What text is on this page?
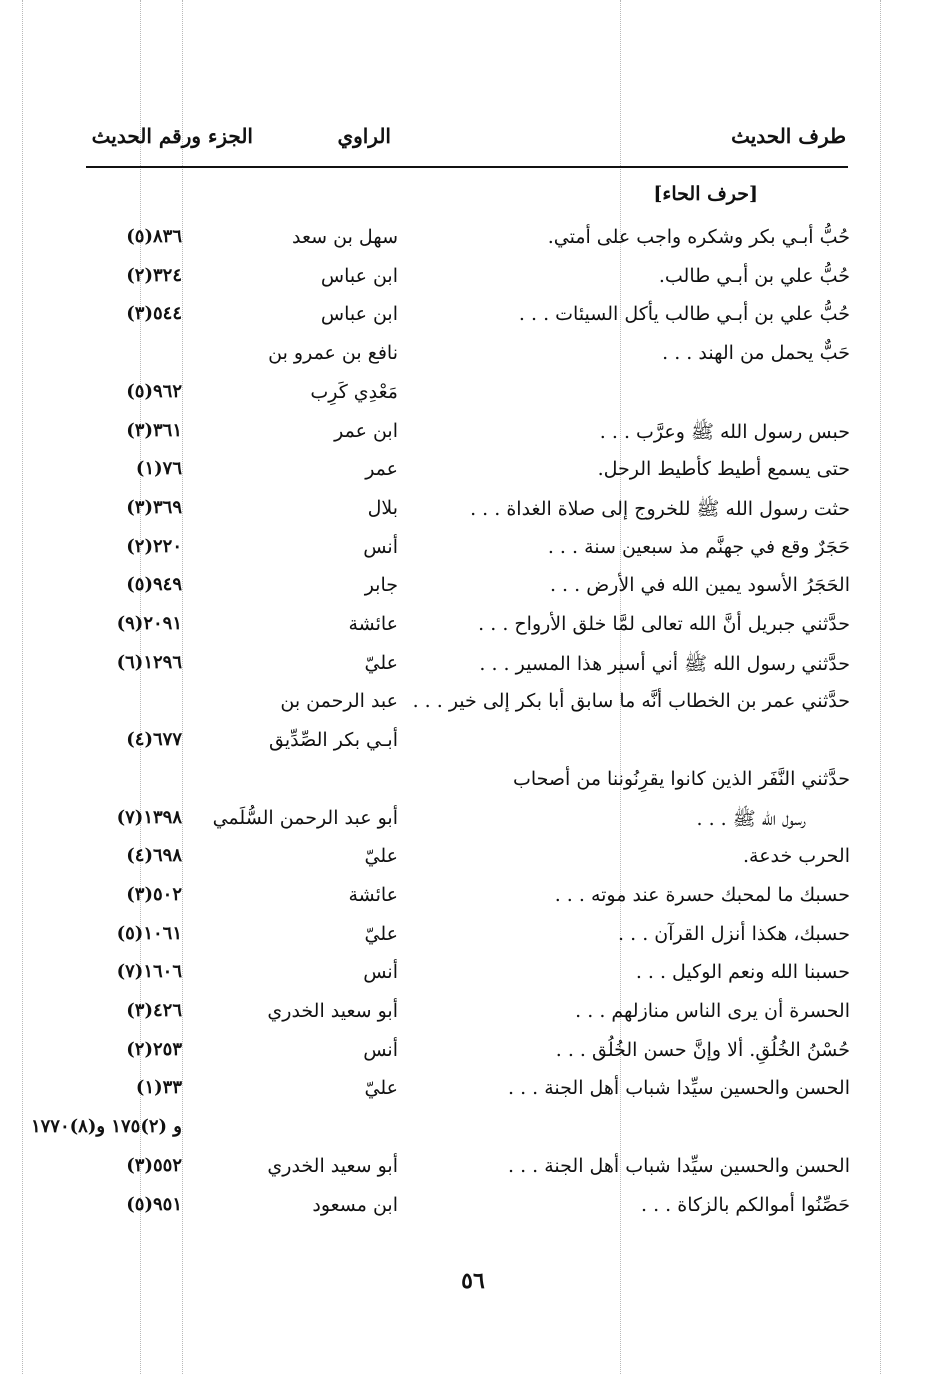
طرف الحديث
الراوي
الجزء ورقم الحديث
[حرف الحاء]
حُبُّ أبـي بكر وشكره واجب على أمتي.
سهل بن سعد
٨٣٦(٥)
حُبُّ علي بن أبـي طالب.
ابن عباس
٣٢٤(٢)
حُبُّ علي بن أبـي طالب يأكل السيئات . . .
ابن عباس
٥٤٤(٣)
حَبٌّ يحمل من الهند . . .
نافع بن عمرو بن
مَعْدِي كَرِب
٩٦٢(٥)
حبس رسول الله ﷺ وعرَّب . . .
ابن عمر
٣٦١(٣)
حتى يسمع أطيط كأطيط الرحل.
عمر
٧٦(١)
حثت رسول الله ﷺ للخروج إلى صلاة الغداة . . .
بلال
٣٦٩(٣)
حَجَرٌ وقع في جهنَّم مذ سبعين سنة . . .
أنس
٢٢٠(٢)
الحَجَرُ الأسود يمين الله في الأرض . . .
جابر
٩٤٩(٥)
حدَّثني جبريل أنَّ الله تعالى لمَّا خلق الأرواح . . .
عائشة
٢٠٩١(٩)
حدَّثني رسول الله ﷺ أني أسير هذا المسير . . .
عليّ
١٢٩٦(٦)
حدَّثني عمر بن الخطاب أنَّه ما سابق أبا بكر إلى خير . . .
عبد الرحمن بن
أبـي بكر الصِّدِّيق
٦٧٧(٤)
حدَّثني النَّفَر الذين كانوا يقرِنُوننا من أصحاب
رسول الله ﷺ . . .
أبو عبد الرحمن السُّلَمي
١٣٩٨(٧)
الحرب خدعة.
عليّ
٦٩٨(٤)
حسبك ما لمحبك حسرة عند موته . . .
عائشة
٥٠٢(٣)
حسبك، هكذا أنزل القرآن . . .
عليّ
١٠٦١(٥)
حسبنا الله ونعم الوكيل . . .
أنس
١٦٠٦(٧)
الحسرة أن يرى الناس منازلهم . . .
أبو سعيد الخدري
٤٢٦(٣)
حُسْنُ الخُلُقِ. ألا وإنَّ حسن الخُلُق . . .
أنس
٢٥٣(٢)
الحسن والحسين سيِّدا شباب أهل الجنة . . .
عليّ
٣٣(١)
و (٢)١٧٥ و(٨)١٧٧٠
الحسن والحسين سيِّدا شباب أهل الجنة . . .
أبو سعيد الخدري
٥٥٢(٣)
حَصِّنُوا أموالكم بالزكاة . . .
ابن مسعود
٩٥١(٥)
٥٦
